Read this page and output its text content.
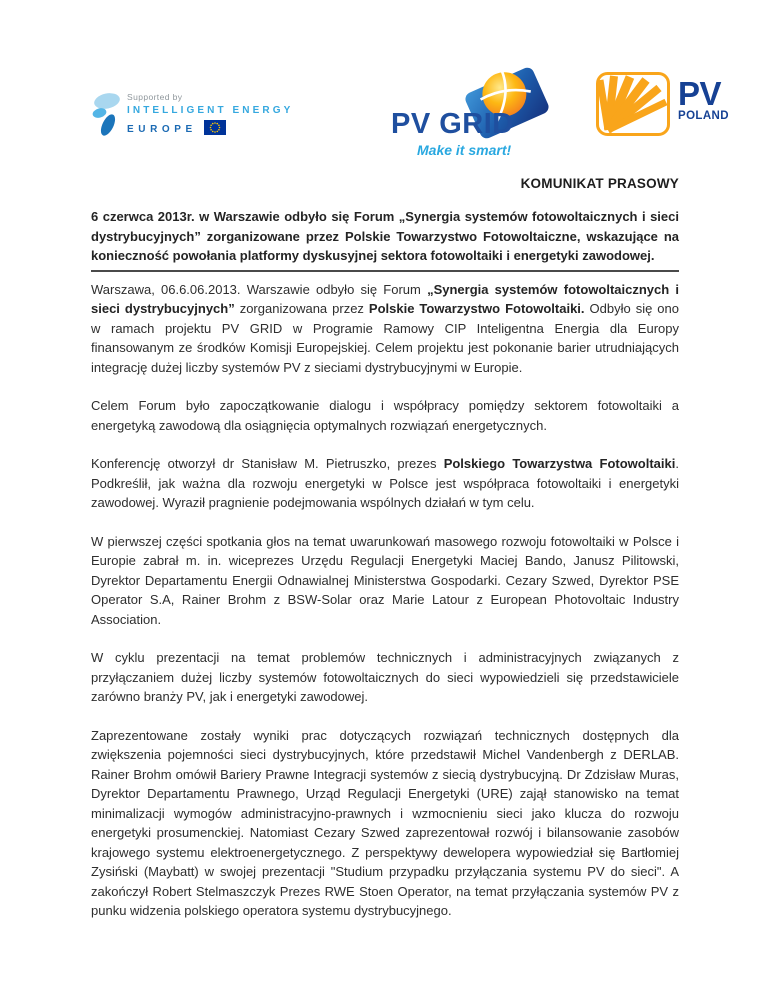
Supported by
INTELLIGENT ENERGY
EUROPE	PV GRID
Make it smart!
PV
POLAND
KOMUNIKAT PRASOWY

6 czerwca 2013r. w Warszawie odbyło się Forum „Synergia systemów fotowoltaicznych i sieci dystrybucyjnych” zorganizowane przez Polskie Towarzystwo Fotowoltaiczne, wskazujące na konieczność powołania platformy dyskusyjnej sektora fotowoltaiki i energetyki zawodowej.

Warszawa, 06.6.06.2013. Warszawie odbyło się Forum „Synergia systemów fotowoltaicznych i sieci dystrybucyjnych” zorganizowana przez Polskie Towarzystwo Fotowoltaiki. Odbyło się ono w ramach projektu PV GRID w Programie Ramowy CIP Inteligentna Energia dla Europy finansowanym ze środków Komisji Europejskiej. Celem projektu jest pokonanie barier utrudniających integrację dużej liczby systemów PV z sieciami dystrybucyjnymi w Europie.

Celem Forum było zapoczątkowanie dialogu i współpracy pomiędzy sektorem fotowoltaiki a energetyką zawodową dla osiągnięcia optymalnych rozwiązań energetycznych.

Konferencję otworzył dr Stanisław M. Pietruszko, prezes Polskiego Towarzystwa Fotowoltaiki. Podkreślił, jak ważna dla rozwoju energetyki w Polsce jest współpraca fotowoltaiki i energetyki zawodowej. Wyraził pragnienie podejmowania wspólnych działań w tym celu.

W pierwszej części spotkania głos na temat uwarunkowań masowego rozwoju fotowoltaiki w Polsce i Europie zabrał m. in. wiceprezes Urzędu Regulacji Energetyki Maciej Bando, Janusz Pilitowski, Dyrektor Departamentu Energii Odnawialnej Ministerstwa Gospodarki. Cezary Szwed, Dyrektor PSE Operator S.A, Rainer Brohm z BSW-Solar oraz Marie Latour z European Photovoltaic Industry Association.

W cyklu prezentacji na temat problemów technicznych i administracyjnych związanych z przyłączaniem dużej liczby systemów fotowoltaicznych do sieci wypowiedzieli się przedstawiciele zarówno branży PV, jak i energetyki zawodowej.

Zaprezentowane zostały wyniki prac dotyczących rozwiązań technicznych dostępnych dla zwiększenia pojemności sieci dystrybucyjnych, które przedstawił Michel Vandenbergh z DERLAB. Rainer Brohm omówił Bariery Prawne Integracji systemów z siecią dystrybucyjną. Dr Zdzisław Muras, Dyrektor Departamentu Prawnego, Urząd Regulacji Energetyki (URE) zajął stanowisko na temat minimalizacji wymogów administracyjno-prawnych i wzmocnieniu sieci jako klucza do rozwoju energetyki prosumenckiej. Natomiast Cezary Szwed zaprezentował rozwój i bilansowanie zasobów krajowego systemu elektroenergetycznego. Z perspektywy dewelopera wypowiedział się Bartłomiej Zysiński (Maybatt) w swojej prezentacji "Studium przypadku przyłączania systemu PV do sieci". A zakończył Robert Stelmaszczyk Prezes RWE Stoen Operator, na temat przyłączania systemów PV z punku widzenia polskiego operatora systemu dystrybucyjnego.
